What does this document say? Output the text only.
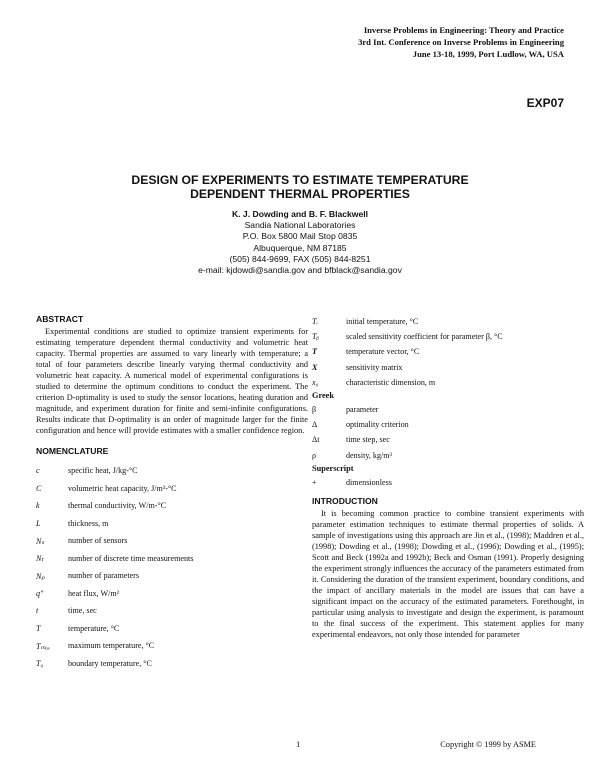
Inverse Problems in Engineering: Theory and Practice
3rd Int. Conference on Inverse Problems in Engineering
June 13-18, 1999, Port Ludlow, WA, USA
EXP07
DESIGN OF EXPERIMENTS TO ESTIMATE TEMPERATURE
DEPENDENT THERMAL PROPERTIES
K. J. Dowding and B. F. Blackwell
Sandia National Laboratories
P.O. Box 5800 Mail Stop 0835
Albuquerque, NM 87185
(505) 844-9699, FAX (505) 844-8251
e-mail: kjdowdi@sandia.gov and bfblack@sandia.gov
ABSTRACT

Experimental conditions are studied to optimize transient experiments for estimating temperature dependent thermal conductivity and volumetric heat capacity. Thermal properties are assumed to vary linearly with temperature; a total of four parameters describe linearly varying thermal conductivity and volumetric heat capacity. A numerical model of experimental configurations is studied to determine the optimum conditions to conduct the experiment. The criterion D-optimality is used to study the sensor locations, heating duration and magnitude, and experiment duration for finite and semi-infinite configurations. Results indicate that D-optimality is an order of magnitude larger for the finite configuration and hence will provide estimates with a smaller confidence region.

NOMENCLATURE
c	specific heat, J/kg-°C
C	volumetric heat capacity, J/m³-°C
k	thermal conductivity, W/m-°C
L	thickness, m
Nₛ	number of sensors
Nₜ	number of discrete time measurements
Nₚ	number of parameters
q"	heat flux, W/m²
t	time, sec
T	temperature, °C
Tₘₐₓ	maximum temperature, °C
T₀	boundary temperature, °C
Tᵢ	initial temperature, °C
Tᵦ	scaled sensitivity coefficient for parameter β, °C
T	temperature vector, °C
X	sensitivity matrix
x₀	characteristic dimension, m
Greek
β	parameter
Δ	optimality criterion
Δt	time step, sec
ρ	density, kg/m³
Superscript
+	dimensionless
INTRODUCTION

It is becoming common practice to combine transient experiments with parameter estimation techniques to estimate thermal properties of solids. A sample of investigations using this approach are Jin et al., (1998); Maddren et al., (1998); Dowding et al., (1998); Dowding et al., (1996); Dowding et al., (1995); Scott and Beck (1992a and 1992b); Beck and Osman (1991). Properly designing the experiment strongly influences the accuracy of the parameters estimated from it. Considering the duration of the transient experiment, boundary conditions, and the impact of ancillary materials in the model are issues that can have a significant impact on the accuracy of the estimated parameters. Forethought, in particular using analysis to investigate and design the experiment, is paramount to the final success of the experiment. This statement applies for many experimental endeavors, not only those intended for parameter

1	Copyright © 1999 by ASME
